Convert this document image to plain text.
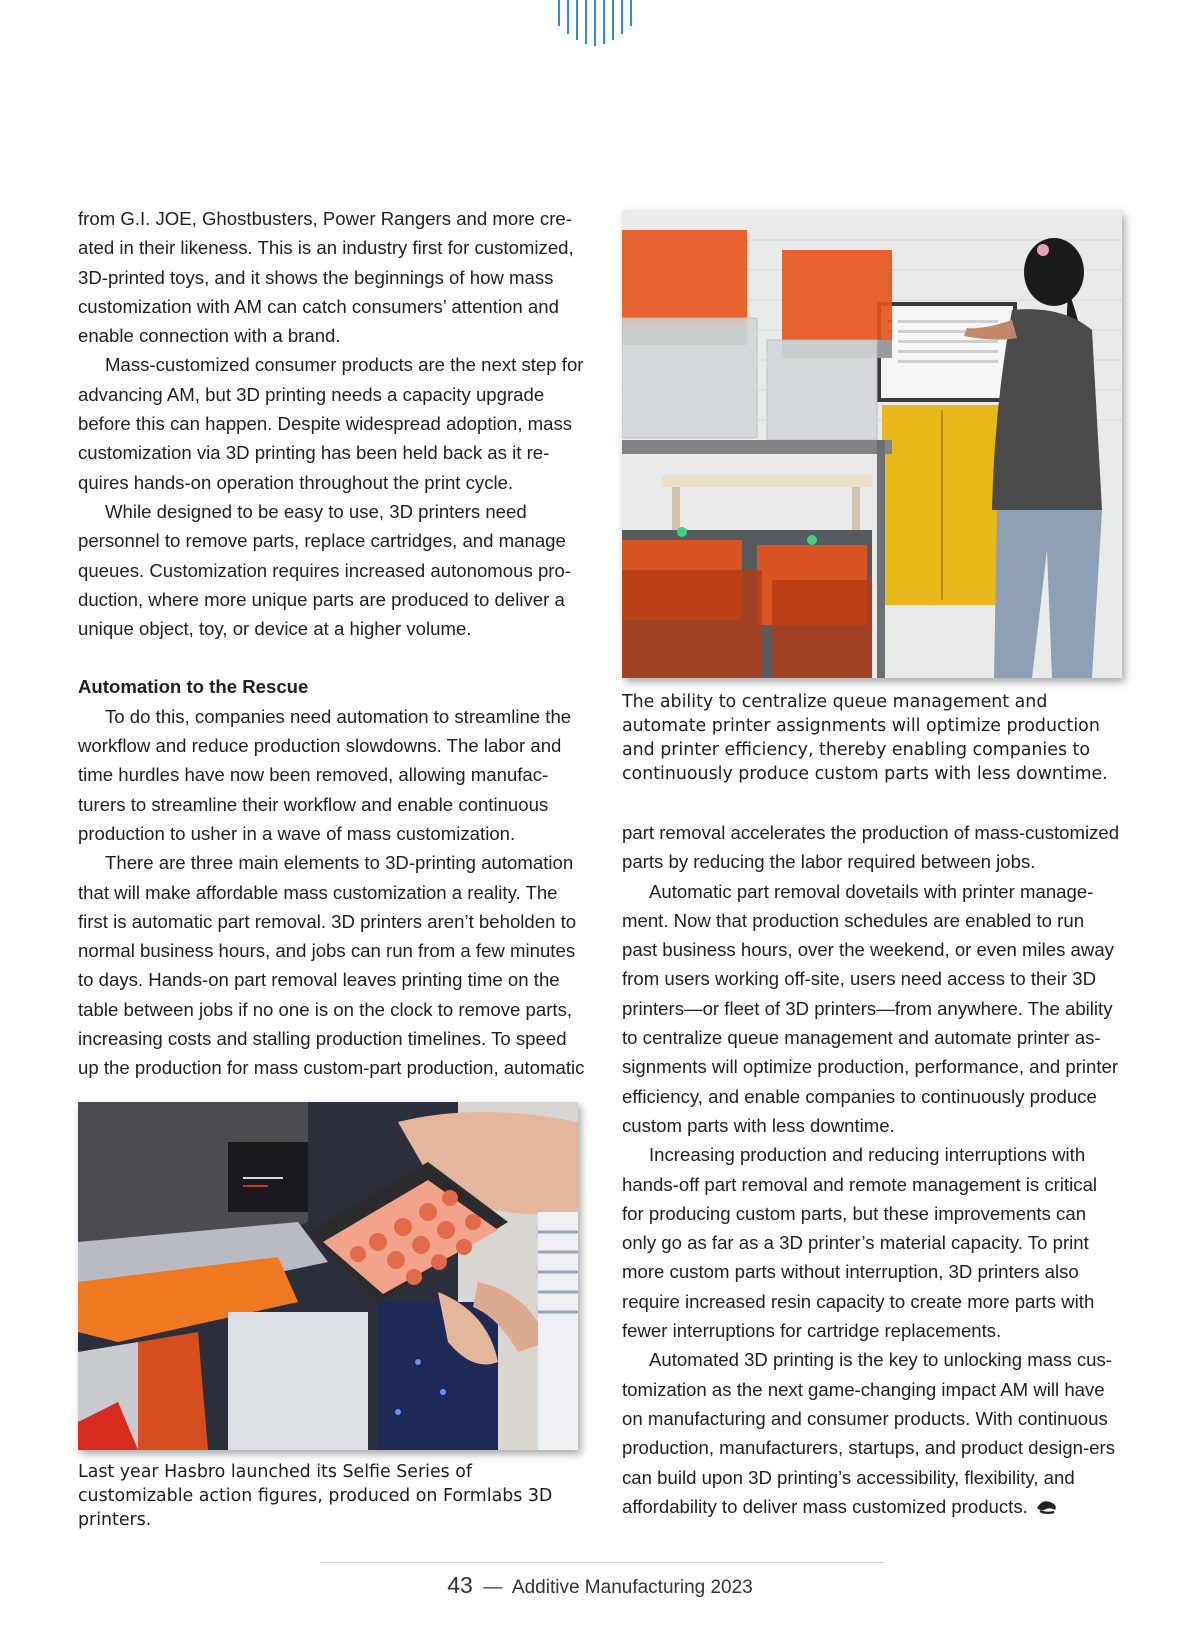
from G.I. JOE, Ghostbusters, Power Rangers and more cre-ated in their likeness. This is an industry first for customized, 3D-printed toys, and it shows the beginnings of how mass customization with AM can catch consumers’ attention and enable connection with a brand.

Mass-customized consumer products are the next step for advancing AM, but 3D printing needs a capacity upgrade before this can happen. Despite widespread adoption, mass customization via 3D printing has been held back as it re-quires hands-on operation throughout the print cycle.

While designed to be easy to use, 3D printers need personnel to remove parts, replace cartridges, and manage queues. Customization requires increased autonomous pro-duction, where more unique parts are produced to deliver a unique object, toy, or device at a higher volume.

Automation to the Rescue

To do this, companies need automation to streamline the workflow and reduce production slowdowns. The labor and time hurdles have now been removed, allowing manufac-turers to streamline their workflow and enable continuous production to usher in a wave of mass customization.

There are three main elements to 3D-printing automation that will make affordable mass customization a reality. The first is automatic part removal. 3D printers aren’t beholden to normal business hours, and jobs can run from a few minutes to days. Hands-on part removal leaves printing time on the table between jobs if no one is on the clock to remove parts, increasing costs and stalling production timelines. To speed up the production for mass custom-part production, automatic

The ability to centralize queue management and automate printer assignments will optimize production and printer efficiency, thereby enabling companies to continuously produce custom parts with less downtime.

part removal accelerates the production of mass-customized parts by reducing the labor required between jobs.

Automatic part removal dovetails with printer manage-ment. Now that production schedules are enabled to run past business hours, over the weekend, or even miles away from users working off-site, users need access to their 3D printers—or fleet of 3D printers—from anywhere. The ability to centralize queue management and automate printer as-signments will optimize production, performance, and printer efficiency, and enable companies to continuously produce custom parts with less downtime.

Increasing production and reducing interruptions with hands-off part removal and remote management is critical for producing custom parts, but these improvements can only go as far as a 3D printer’s material capacity. To print more custom parts without interruption, 3D printers also require increased resin capacity to create more parts with fewer interruptions for cartridge replacements.

Automated 3D printing is the key to unlocking mass cus-tomization as the next game-changing impact AM will have on manufacturing and consumer products. With continuous production, manufacturers, startups, and product design-ers can build upon 3D printing’s accessibility, flexibility, and affordability to deliver mass customized products.

Last year Hasbro launched its Selfie Series of customizable action figures, produced on Formlabs 3D printers.

43 — Additive Manufacturing 2023
